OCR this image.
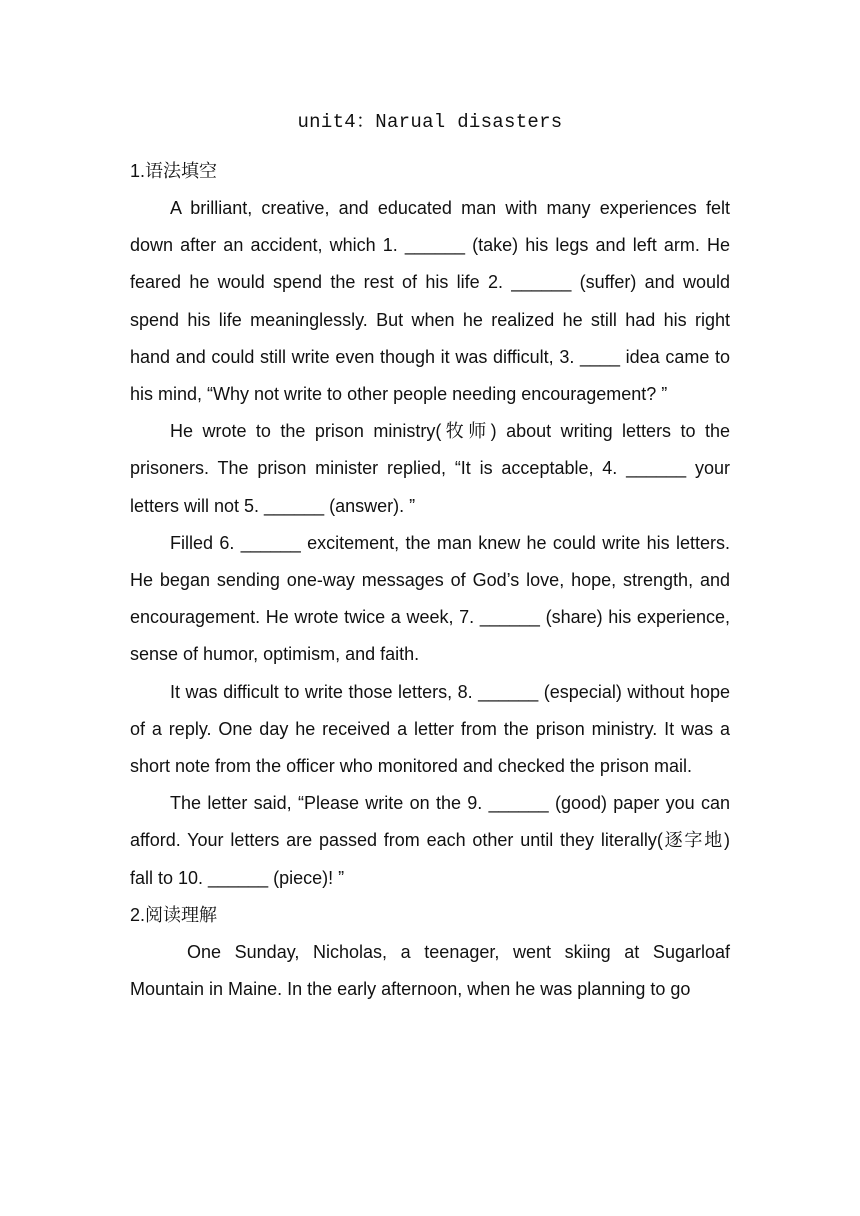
unit4：Narual disasters

1.语法填空

A brilliant, creative, and educated man with many experiences felt down after an accident, which 1. ______ (take) his legs and left arm. He feared he would spend the rest of his life 2. ______ (suffer) and would spend his life meaninglessly. But when he realized he still had his right hand and could still write even though it was difficult, 3. ____ idea came to his mind, “Why not write to other people needing encouragement? ”

He wrote to the prison ministry(牧师) about writing letters to the prisoners. The prison minister replied, “It is acceptable, 4. ______ your letters will not 5. ______ (answer). ”

Filled 6. ______ excitement, the man knew he could write his letters. He began sending one-way messages of God’s love, hope, strength, and encouragement. He wrote twice a week, 7. ______ (share) his experience, sense of humor, optimism, and faith.

It was difficult to write those letters, 8. ______ (especial) without hope of a reply. One day he received a letter from the prison ministry. It was a short note from the officer who monitored and checked the prison mail.

The letter said, “Please write on the 9. ______ (good) paper you can afford. Your letters are passed from each other until they literally(逐字地) fall to 10. ______ (piece)! ”

2.阅读理解

One Sunday, Nicholas, a teenager, went skiing at Sugarloaf Mountain in Maine. In the early afternoon, when he was planning to go
